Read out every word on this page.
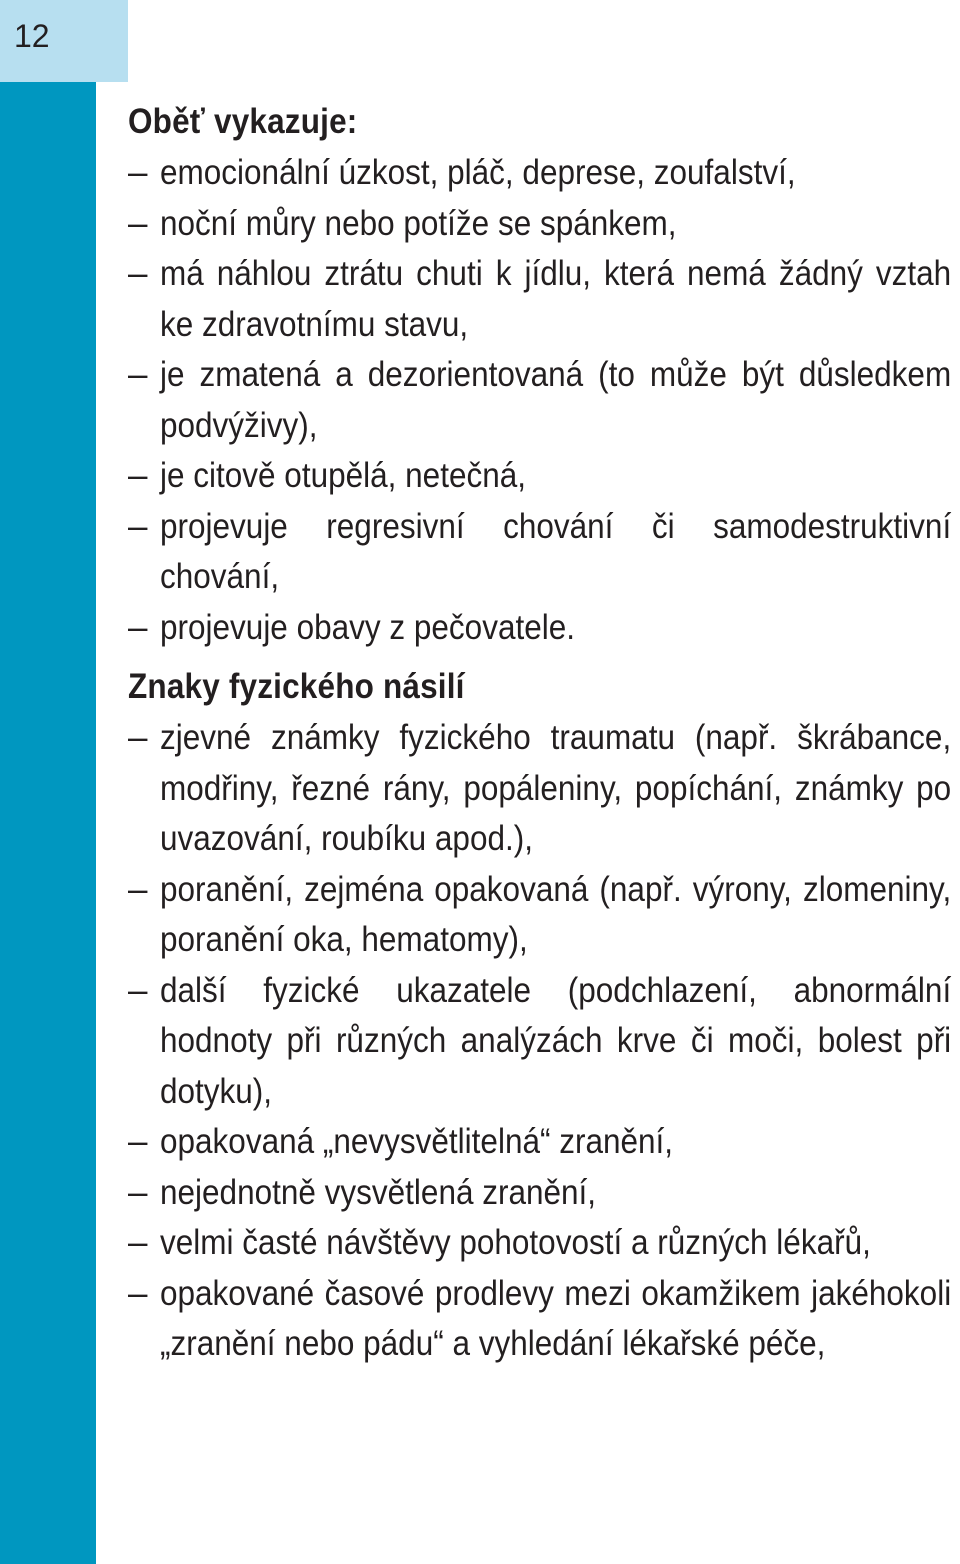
12
Oběť vykazuje:
– emocionální úzkost, pláč, deprese, zoufalství,
– noční můry nebo potíže se spánkem,
– má náhlou ztrátu chuti k jídlu, která nemá žádný vztah ke zdravotnímu stavu,
– je zmatená a dezorientovaná (to může být důsledkem podvýživy),
– je citově otupělá, netečná,
– projevuje regresivní chování či samodestruktivní chování,
– projevuje obavy z pečovatele.
Znaky fyzického násilí
– zjevné známky fyzického traumatu (např. škrábance, modřiny, řezné rány, popáleniny, popíchání, známky po uvazování, roubíku apod.),
– poranění, zejména opakovaná (např. výrony, zlomeniny, poranění oka, hematomy),
– další fyzické ukazatele (podchlazení, abnormální hodnoty při různých analýzách krve či moči, bolest při dotyku),
– opakovaná „nevysvětlitelná“ zranění,
– nejednotně vysvětlená zranění,
– velmi časté návštěvy pohotovostí a různých lékařů,
– opakované časové prodlevy mezi okamžikem jakéhokoli „zranění nebo pádu“ a vyhledání lékařské péče,
